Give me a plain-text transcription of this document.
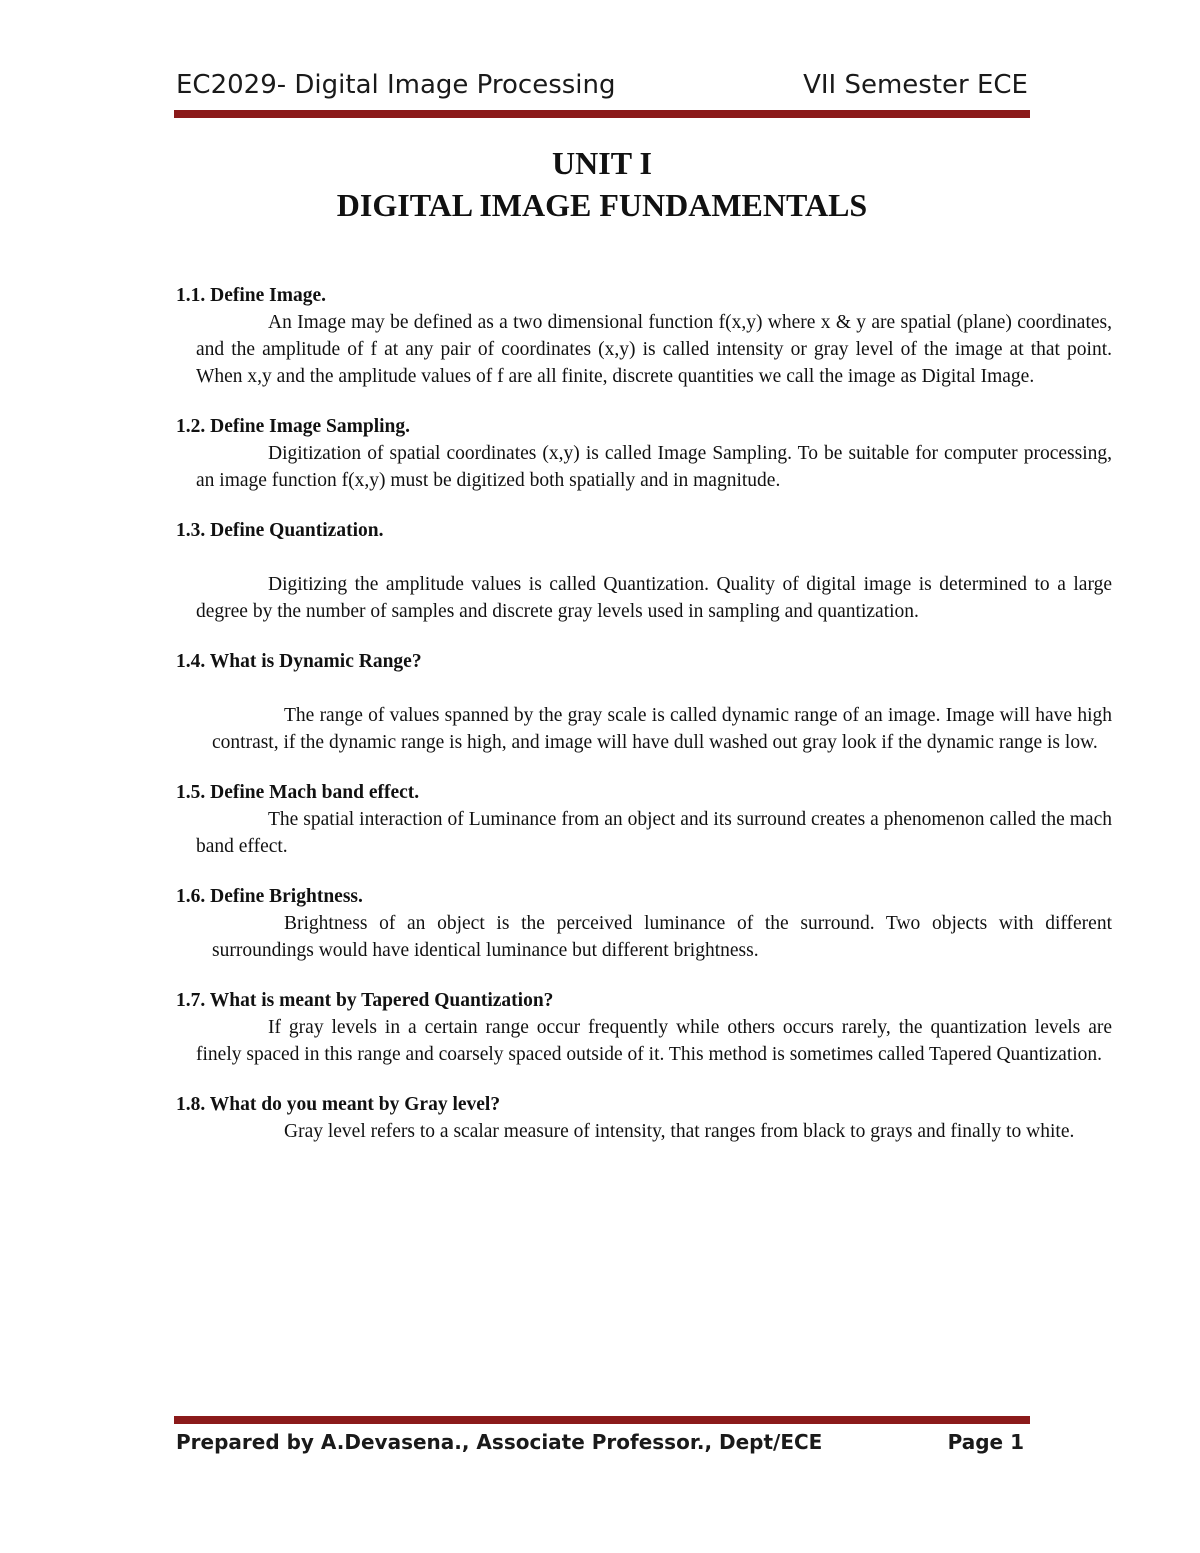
EC2029- Digital Image Processing	VII Semester ECE
UNIT I
DIGITAL IMAGE FUNDAMENTALS

1.1. Define Image.

An Image may be defined as a two dimensional function f(x,y) where x & y are spatial (plane) coordinates, and the amplitude of f at any pair of coordinates (x,y) is called intensity or gray level of the image at that point. When x,y and the amplitude values of f are all finite, discrete quantities we call the image as Digital Image.

1.2. Define Image Sampling.

Digitization of spatial coordinates (x,y) is called Image Sampling. To be suitable for computer processing, an image function f(x,y) must be digitized both spatially and in magnitude.

1.3. Define Quantization.

Digitizing the amplitude values is called Quantization. Quality of digital image is determined to a large degree by the number of samples and discrete gray levels used in sampling and quantization.

1.4. What is Dynamic Range?

The range of values spanned by the gray scale is called dynamic range of an image. Image will have high contrast, if the dynamic range is high, and image will have dull washed out gray look if the dynamic range is low.

1.5. Define Mach band effect.

The spatial interaction of Luminance from an object and its surround creates a phenomenon called the mach band effect.

1.6. Define Brightness.

Brightness of an object is the perceived luminance of the surround. Two objects with different surroundings would have identical luminance but different brightness.

1.7. What is meant by Tapered Quantization?

If gray levels in a certain range occur frequently while others occurs rarely, the quantization levels are finely spaced in this range and coarsely spaced outside of it. This method is sometimes called Tapered Quantization.

1.8. What do you meant by Gray level?

Gray level refers to a scalar measure of intensity, that ranges from black to grays and finally to white.

Prepared by A.Devasena., Associate Professor., Dept/ECE	Page 1
